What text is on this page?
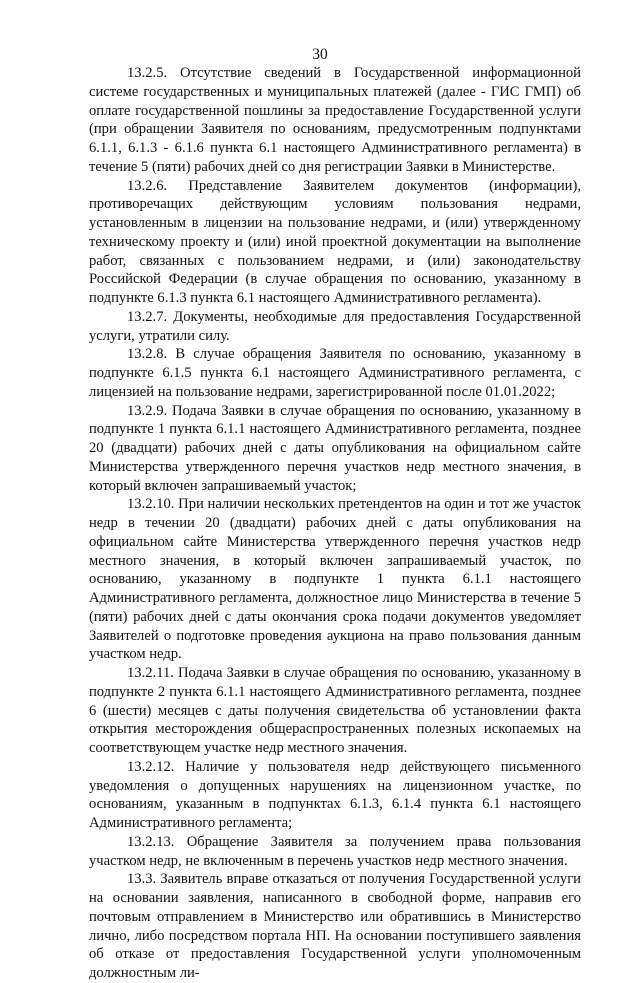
30

13.2.5. Отсутствие сведений в Государственной информационной системе государственных и муниципальных платежей (далее - ГИС ГМП) об оплате государственной пошлины за предоставление Государственной услуги (при обращении Заявителя по основаниям, предусмотренным подпунктами 6.1.1, 6.1.3 - 6.1.6 пункта 6.1 настоящего Административного регламента) в течение 5 (пяти) рабочих дней со дня регистрации Заявки в Министерстве.

13.2.6. Представление Заявителем документов (информации), противоречащих действующим условиям пользования недрами, установленным в лицензии на пользование недрами, и (или) утвержденному техническому проекту и (или) иной проектной документации на выполнение работ, связанных с пользованием недрами, и (или) законодательству Российской Федерации (в случае обращения по основанию, указанному в подпункте 6.1.3 пункта 6.1 настоящего Административного регламента).

13.2.7. Документы, необходимые для предоставления Государственной услуги, утратили силу.

13.2.8. В случае обращения Заявителя по основанию, указанному в подпункте 6.1.5 пункта 6.1 настоящего Административного регламента, с лицензией на пользование недрами, зарегистрированной после 01.01.2022;

13.2.9. Подача Заявки в случае обращения по основанию, указанному в подпункте 1 пункта 6.1.1 настоящего Административного регламента, позднее 20 (двадцати) рабочих дней с даты опубликования на официальном сайте Министерства утвержденного перечня участков недр местного значения, в который включен запрашиваемый участок;

13.2.10. При наличии нескольких претендентов на один и тот же участок недр в течении 20 (двадцати) рабочих дней с даты опубликования на официальном сайте Министерства утвержденного перечня участков недр местного значения, в который включен запрашиваемый участок, по основанию, указанному в подпункте 1 пункта 6.1.1 настоящего Административного регламента, должностное лицо Министерства в течение 5 (пяти) рабочих дней с даты окончания срока подачи документов уведомляет Заявителей о подготовке проведения аукциона на право пользования данным участком недр.

13.2.11. Подача Заявки в случае обращения по основанию, указанному в подпункте 2 пункта 6.1.1 настоящего Административного регламента, позднее 6 (шести) месяцев с даты получения свидетельства об установлении факта открытия месторождения общераспространенных полезных ископаемых на соответствующем участке недр местного значения.

13.2.12. Наличие у пользователя недр действующего письменного уведомления о допущенных нарушениях на лицензионном участке, по основаниям, указанным в подпунктах 6.1.3, 6.1.4 пункта 6.1 настоящего Административного регламента;

13.2.13. Обращение Заявителя за получением права пользования участком недр, не включенным в перечень участков недр местного значения.

13.3. Заявитель вправе отказаться от получения Государственной услуги на основании заявления, написанного в свободной форме, направив его почтовым отправлением в Министерство или обратившись в Министерство лично, либо посредством портала НП. На основании поступившего заявления об отказе от предоставления Государственной услуги уполномоченным должностным ли-
